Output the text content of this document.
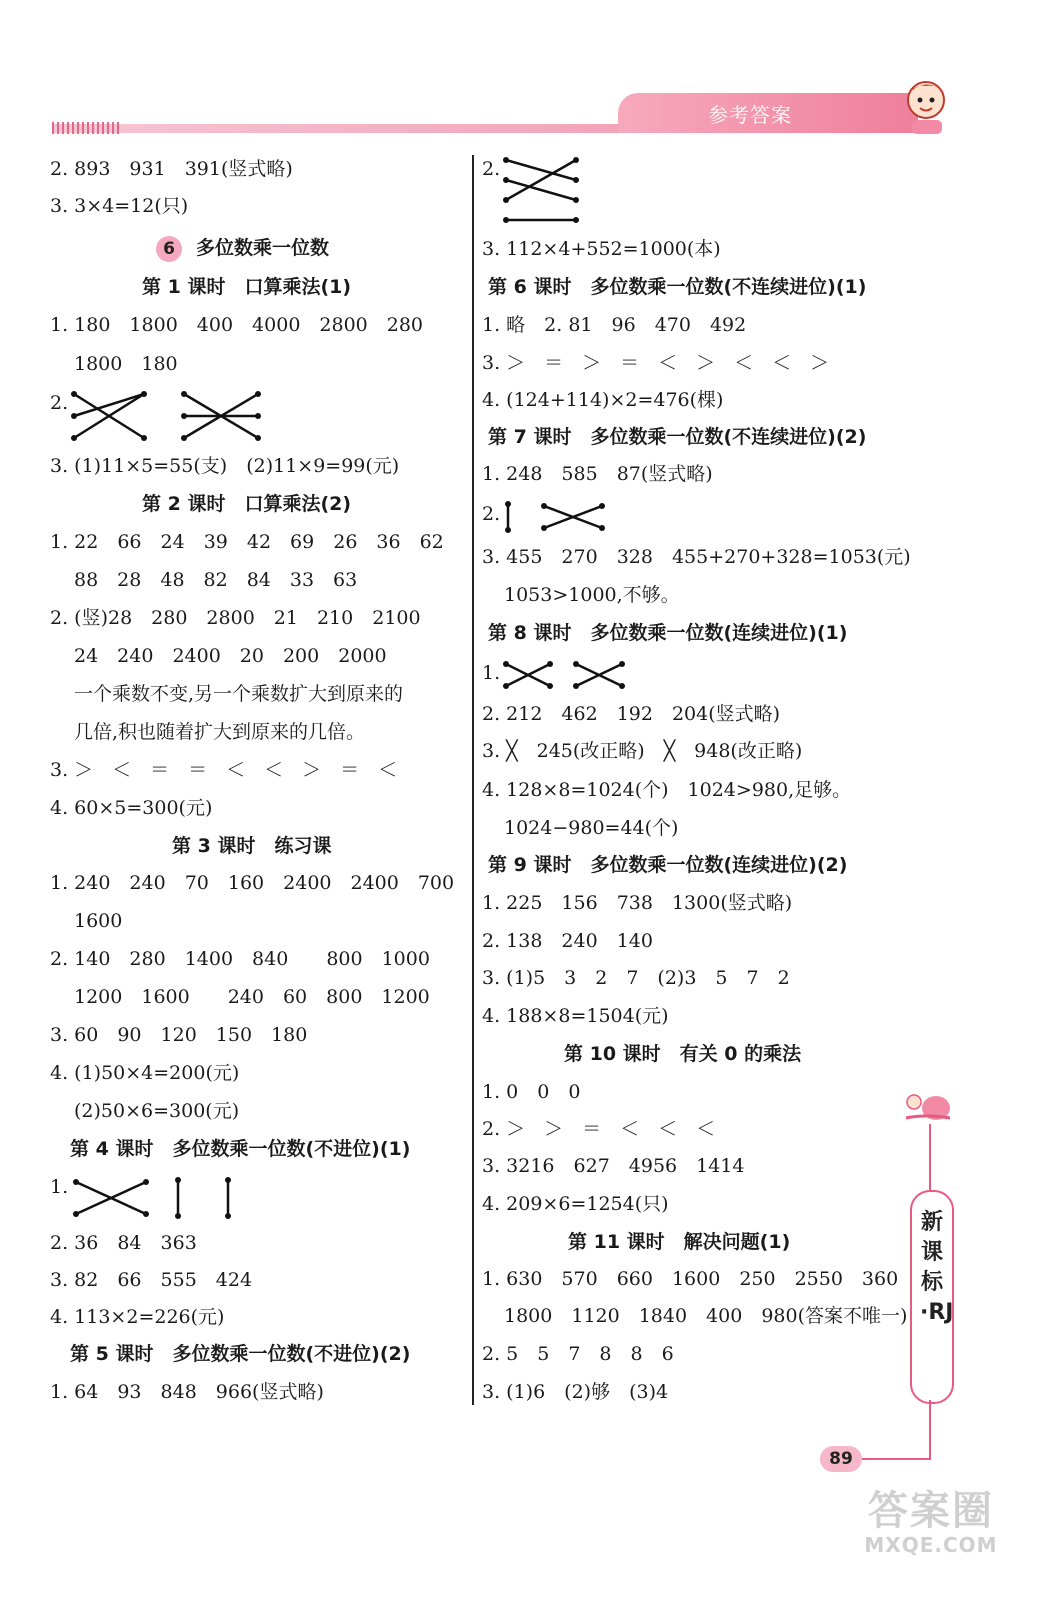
参考答案
2. 893　931　391(竖式略)
3. 3×4=12(只)
6 多位数乘一位数
第 1 课时　口算乘法(1)
1. 180　1800　400　4000　2800　280
1800　180
2.
3. (1)11×5=55(支)　(2)11×9=99(元)
第 2 课时　口算乘法(2)
1. 22　66　24　39　42　69　26　36　62
88　28　48　82　84　33　63
2. (竖)28　280　2800　21　210　2100
24　240　2400　20　200　2000
一个乘数不变,另一个乘数扩大到原来的
几倍,积也随着扩大到原来的几倍。
3. ＞　＜　＝　＝　＜　＜　＞　＝　＜
4. 60×5=300(元)
第 3 课时　练习课
1. 240　240　70　160　2400　2400　700
1600
2. 140　280　1400　840　　800　1000
1200　1600　　240　60　800　1200
3. 60　90　120　150　180
4. (1)50×4=200(元)
(2)50×6=300(元)
第 4 课时　多位数乘一位数(不进位)(1)
1.
2. 36　84　363
3. 82　66　555　424
4. 113×2=226(元)
第 5 课时　多位数乘一位数(不进位)(2)
1. 64　93　848　966(竖式略)
2.
3. 112×4+552=1000(本)
第 6 课时　多位数乘一位数(不连续进位)(1)
1. 略　2. 81　96　470　492
3. ＞　＝　＞　＝　＜　＞　＜　＜　＞
4. (124+114)×2=476(棵)
第 7 课时　多位数乘一位数(不连续进位)(2)
1. 248　585　87(竖式略)
2.
3. 455　270　328　455+270+328=1053(元)
1053>1000,不够。
第 8 课时　多位数乘一位数(连续进位)(1)
1.
2. 212　462　192　204(竖式略)
3. ╳　245(改正略)　╳　948(改正略)
4. 128×8=1024(个)　1024>980,足够。
1024−980=44(个)
第 9 课时　多位数乘一位数(连续进位)(2)
1. 225　156　738　1300(竖式略)
2. 138　240　140
3. (1)5　3　2　7　(2)3　5　7　2
4. 188×8=1504(元)
第 10 课时　有关 0 的乘法
1. 0　0　0
2. ＞　＞　＝　＜　＜　＜
3. 3216　627　4956　1414
4. 209×6=1254(只)
第 11 课时　解决问题(1)
1. 630　570　660　1600　250　2550　360
1800　1120　1840　400　980(答案不唯一)
2. 5　5　7　8　8　6
3. (1)6　(2)够　(3)4
新课标·RJ
89
答案圈
MXQE.COM
